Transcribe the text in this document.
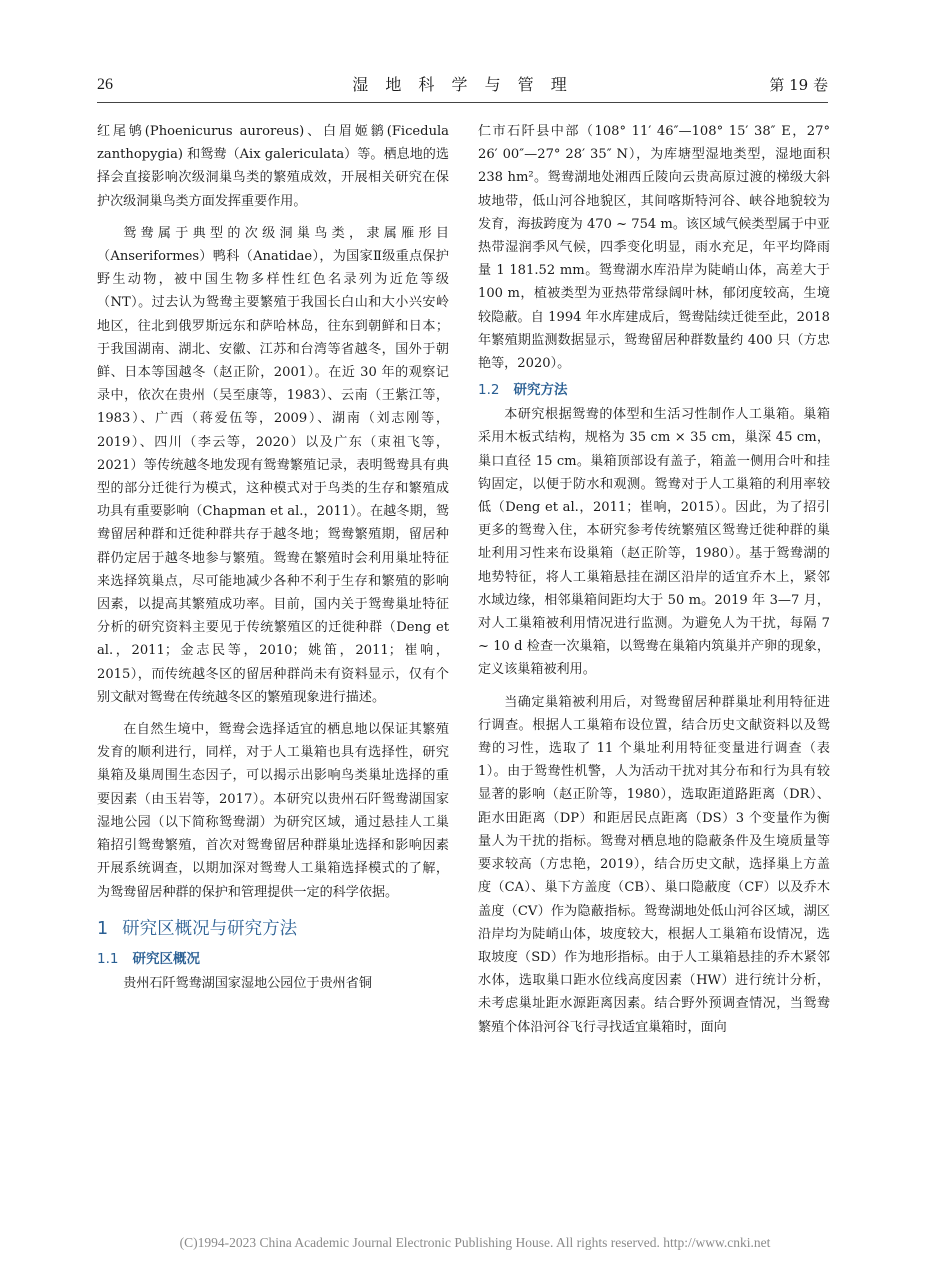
26	湿 地 科 学 与 管 理	第 19 卷

红尾鸲(Phoenicurus auroreus)、白眉姬鹟(Ficedula zanthopygia) 和鸳鸯（Aix galericulata）等。栖息地的选择会直接影响次级洞巢鸟类的繁殖成效，开展相关研究在保护次级洞巢鸟类方面发挥重要作用。

鸳鸯属于典型的次级洞巢鸟类，隶属雁形目（Anseriformes）鸭科（Anatidae），为国家Ⅱ级重点保护野生动物，被中国生物多样性红色名录列为近危等级（NT）。过去认为鸳鸯主要繁殖于我国长白山和大小兴安岭地区，往北到俄罗斯远东和萨哈林岛，往东到朝鲜和日本；于我国湖南、湖北、安徽、江苏和台湾等省越冬，国外于朝鲜、日本等国越冬（赵正阶，2001）。在近 30 年的观察记录中，依次在贵州（吴至康等，1983）、云南（王紫江等，1983）、广西（蒋爱伍等，2009）、湖南（刘志刚等，2019）、四川（李云等，2020）以及广东（束祖飞等，2021）等传统越冬地发现有鸳鸯繁殖记录，表明鸳鸯具有典型的部分迁徙行为模式，这种模式对于鸟类的生存和繁殖成功具有重要影响（Chapman et al.，2011）。在越冬期，鸳鸯留居种群和迁徙种群共存于越冬地；鸳鸯繁殖期，留居种群仍定居于越冬地参与繁殖。鸳鸯在繁殖时会利用巢址特征来选择筑巢点，尽可能地减少各种不利于生存和繁殖的影响因素，以提高其繁殖成功率。目前，国内关于鸳鸯巢址特征分析的研究资料主要见于传统繁殖区的迁徙种群（Deng et al.，2011；金志民等，2010；姚笛，2011；崔响，2015），而传统越冬区的留居种群尚未有资料显示，仅有个别文献对鸳鸯在传统越冬区的繁殖现象进行描述。

在自然生境中，鸳鸯会选择适宜的栖息地以保证其繁殖发育的顺利进行，同样，对于人工巢箱也具有选择性，研究巢箱及巢周围生态因子，可以揭示出影响鸟类巢址选择的重要因素（由玉岩等，2017）。本研究以贵州石阡鸳鸯湖国家湿地公园（以下简称鸳鸯湖）为研究区域，通过悬挂人工巢箱招引鸳鸯繁殖，首次对鸳鸯留居种群巢址选择和影响因素开展系统调查，以期加深对鸳鸯人工巢箱选择模式的了解，为鸳鸯留居种群的保护和管理提供一定的科学依据。

1 研究区概况与研究方法
1.1 研究区概况

贵州石阡鸳鸯湖国家湿地公园位于贵州省铜

仁市石阡县中部（108° 11′ 46″—108° 15′ 38″ E，27° 26′ 00″—27° 28′ 35″ N），为库塘型湿地类型，湿地面积 238 hm²。鸳鸯湖地处湘西丘陵向云贵高原过渡的梯级大斜坡地带，低山河谷地貌区，其间喀斯特河谷、峡谷地貌较为发育，海拔跨度为 470 ~ 754 m。该区域气候类型属于中亚热带湿润季风气候，四季变化明显，雨水充足，年平均降雨量 1 181.52 mm。鸳鸯湖水库沿岸为陡峭山体，高差大于 100 m，植被类型为亚热带常绿阔叶林，郁闭度较高，生境较隐蔽。自 1994 年水库建成后，鸳鸯陆续迁徙至此，2018 年繁殖期监测数据显示，鸳鸯留居种群数量约 400 只（方忠艳等，2020）。

1.2 研究方法

本研究根据鸳鸯的体型和生活习性制作人工巢箱。巢箱采用木板式结构，规格为 35 cm × 35 cm，巢深 45 cm，巢口直径 15 cm。巢箱顶部设有盖子，箱盖一侧用合叶和挂钩固定，以便于防水和观测。鸳鸯对于人工巢箱的利用率较低（Deng et al.，2011；崔响，2015）。因此，为了招引更多的鸳鸯入住，本研究参考传统繁殖区鸳鸯迁徙种群的巢址利用习性来布设巢箱（赵正阶等，1980）。基于鸳鸯湖的地势特征，将人工巢箱悬挂在湖区沿岸的适宜乔木上，紧邻水域边缘，相邻巢箱间距均大于 50 m。2019 年 3—7 月，对人工巢箱被利用情况进行监测。为避免人为干扰，每隔 7 ~ 10 d 检查一次巢箱，以鸳鸯在巢箱内筑巢并产卵的现象，定义该巢箱被利用。

当确定巢箱被利用后，对鸳鸯留居种群巢址利用特征进行调查。根据人工巢箱布设位置，结合历史文献资料以及鸳鸯的习性，选取了 11 个巢址利用特征变量进行调查（表 1）。由于鸳鸯性机警，人为活动干扰对其分布和行为具有较显著的影响（赵正阶等，1980），选取距道路距离（DR）、距水田距离（DP）和距居民点距离（DS）3 个变量作为衡量人为干扰的指标。鸳鸯对栖息地的隐蔽条件及生境质量等要求较高（方忠艳，2019），结合历史文献，选择巢上方盖度（CA）、巢下方盖度（CB）、巢口隐蔽度（CF）以及乔木盖度（CV）作为隐蔽指标。鸳鸯湖地处低山河谷区域，湖区沿岸均为陡峭山体，坡度较大，根据人工巢箱布设情况，选取坡度（SD）作为地形指标。由于人工巢箱悬挂的乔木紧邻水体，选取巢口距水位线高度因素（HW）进行统计分析，未考虑巢址距水源距离因素。结合野外预调查情况，当鸳鸯繁殖个体沿河谷飞行寻找适宜巢箱时，面向

(C)1994-2023 China Academic Journal Electronic Publishing House. All rights reserved. http://www.cnki.net
